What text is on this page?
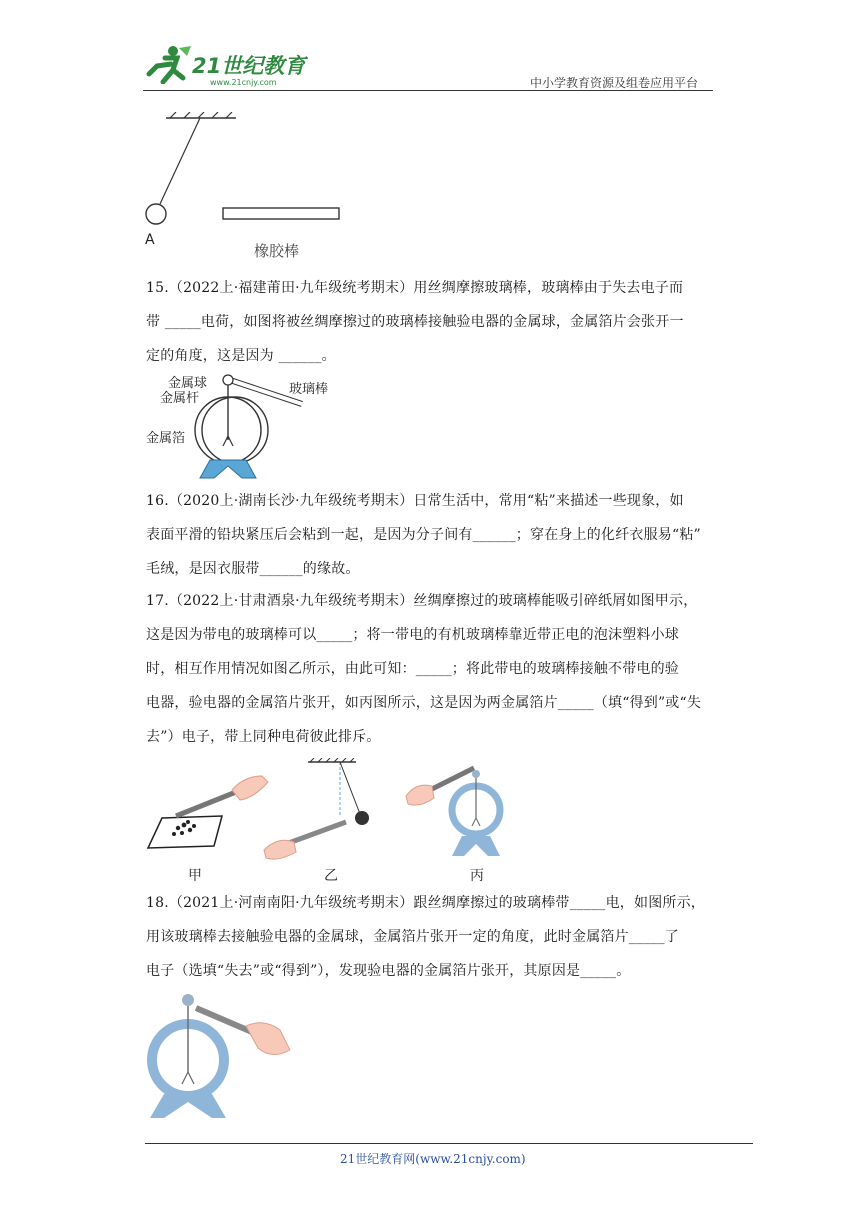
21世纪教育
www.21cnjy.com	中小学教育资源及组卷应用平台
A
橡胶棒

15.（2022上·福建莆田·九年级统考期末）用丝绸摩擦玻璃棒，玻璃棒由于失去电子而

带 _____电荷，如图将被丝绸摩擦过的玻璃棒接触验电器的金属球，金属箔片会张开一

定的角度，这是因为 ______。

金属球
金属杆
金属箔
玻璃棒

16.（2020上·湖南长沙·九年级统考期末）日常生活中，常用“粘”来描述一些现象，如

表面平滑的铅块紧压后会粘到一起，是因为分子间有______；穿在身上的化纤衣服易“粘”

毛绒，是因衣服带______的缘故。

17.（2022上·甘肃酒泉·九年级统考期末）丝绸摩擦过的玻璃棒能吸引碎纸屑如图甲示，

这是因为带电的玻璃棒可以_____；将一带电的有机玻璃棒靠近带正电的泡沫塑料小球

时，相互作用情况如图乙所示，由此可知：_____；将此带电的玻璃棒接触不带电的验

电器，验电器的金属箔片张开，如丙图所示，这是因为两金属箔片_____（填“得到”或“失

去”）电子，带上同种电荷彼此排斥。

甲	乙	丙

18.（2021上·河南南阳·九年级统考期末）跟丝绸摩擦过的玻璃棒带_____电，如图所示，

用该玻璃棒去接触验电器的金属球，金属箔片张开一定的角度，此时金属箔片_____了

电子（选填“失去”或“得到”），发现验电器的金属箔片张开，其原因是_____。

21世纪教育网(www.21cnjy.com)
